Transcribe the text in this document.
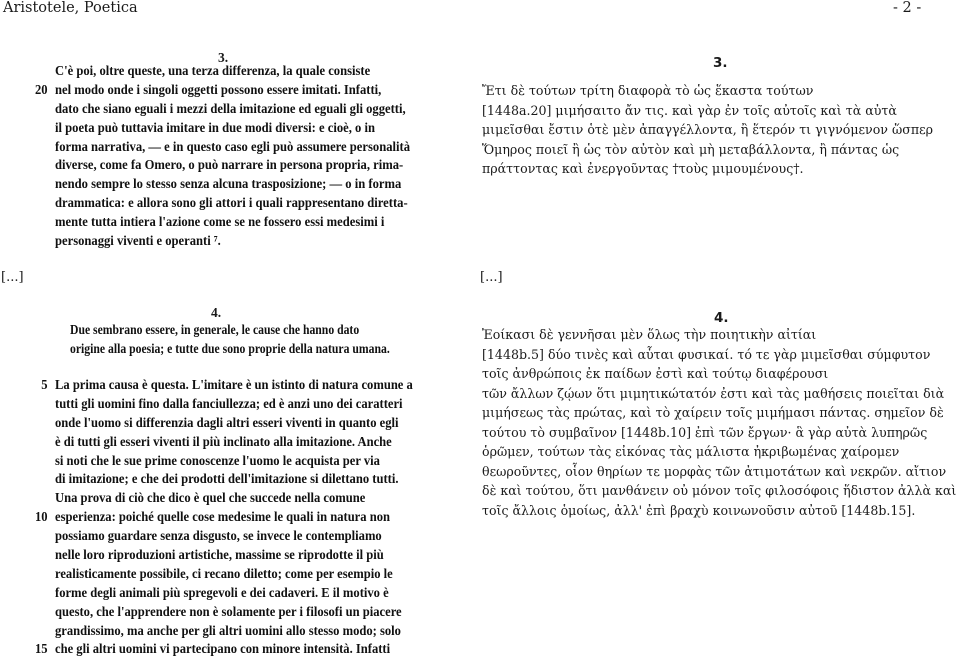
Aristotele, Poetica	- 2 -
3.
C'è poi, oltre queste, una terza differenza, la quale consiste
20 nel modo onde i singoli oggetti possono essere imitati. Infatti,
dato che siano eguali i mezzi della imitazione ed eguali gli oggetti,
il poeta può tuttavia imitare in due modi diversi: e cioè, o in
forma narrativa, — e in questo caso egli può assumere personalità
diverse, come fa Omero, o può narrare in persona propria, rima-
nendo sempre lo stesso senza alcuna trasposizione; — o in forma
drammatica: e allora sono gli attori i quali rappresentano diretta-
mente tutta intiera l'azione come se ne fossero essi medesimi i
personaggi viventi e operanti ⁷.
[...]	[...]
4.
Due sembrano essere, in generale, le cause che hanno dato
origine alla poesia; e tutte due sono proprie della natura umana.
5 La prima causa è questa. L'imitare è un istinto di natura comune a
tutti gli uomini fino dalla fanciullezza; ed è anzi uno dei caratteri
onde l'uomo si differenzia dagli altri esseri viventi in quanto egli
è di tutti gli esseri viventi il più inclinato alla imitazione. Anche
si noti che le sue prime conoscenze l'uomo le acquista per via
di imitazione; e che dei prodotti dell'imitazione si dilettano tutti.
Una prova di ciò che dico è quel che succede nella comune
10 esperienza: poiché quelle cose medesime le quali in natura non
possiamo guardare senza disgusto, se invece le contempliamo
nelle loro riproduzioni artistiche, massime se riprodotte il più
realisticamente possibile, ci recano diletto; come per esempio le
forme degli animali più spregevoli e dei cadaveri. E il motivo è
questo, che l'apprendere non è solamente per i filosofi un piacere
grandissimo, ma anche per gli altri uomini allo stesso modo; solo
15 che gli altri uomini vi partecipano con minore intensità. Infatti
3.
Ἔτι δὲ τούτων τρίτη διαφορὰ τὸ ὡς ἕκαστα τούτων
[1448a.20] μιμήσαιτο ἄν τις. καὶ γὰρ ἐν τοῖς αὐτοῖς καὶ τὰ αὐτὰ
μιμεῖσθαι ἔστιν ὁτὲ μὲν ἀπαγγέλλοντα, ἢ ἕτερόν τι γιγνόμενον ὥσπερ
Ὅμηρος ποιεῖ ἢ ὡς τὸν αὐτὸν καὶ μὴ μεταβάλλοντα, ἢ πάντας ὡς
πράττοντας καὶ ἐνεργοῦντας †τοὺς μιμουμένους†.
4.
Ἐοίκασι δὲ γεννῆσαι μὲν ὅλως τὴν ποιητικὴν αἰτίαι
[1448b.5] δύο τινὲς καὶ αὗται φυσικαί. τό τε γὰρ μιμεῖσθαι σύμφυτον
τοῖς ἀνθρώποις ἐκ παίδων ἐστὶ καὶ τούτῳ διαφέρουσι
τῶν ἄλλων ζῴων ὅτι μιμητικώτατόν ἐστι καὶ τὰς μαθήσεις ποιεῖται διὰ
μιμήσεως τὰς πρώτας, καὶ τὸ χαίρειν τοῖς μιμήμασι πάντας. σημεῖον δὲ
τούτου τὸ συμβαῖνον [1448b.10] ἐπὶ τῶν ἔργων· ἃ γὰρ αὐτὰ λυπηρῶς
ὁρῶμεν, τούτων τὰς εἰκόνας τὰς μάλιστα ἠκριβωμένας χαίρομεν
θεωροῦντες, οἷον θηρίων τε μορφὰς τῶν ἀτιμοτάτων καὶ νεκρῶν. αἴτιον
δὲ καὶ τούτου, ὅτι μανθάνειν οὐ μόνον τοῖς φιλοσόφοις ἥδιστον ἀλλὰ καὶ
τοῖς ἄλλοις ὁμοίως, ἀλλ' ἐπὶ βραχὺ κοινωνοῦσιν αὐτοῦ [1448b.15].
